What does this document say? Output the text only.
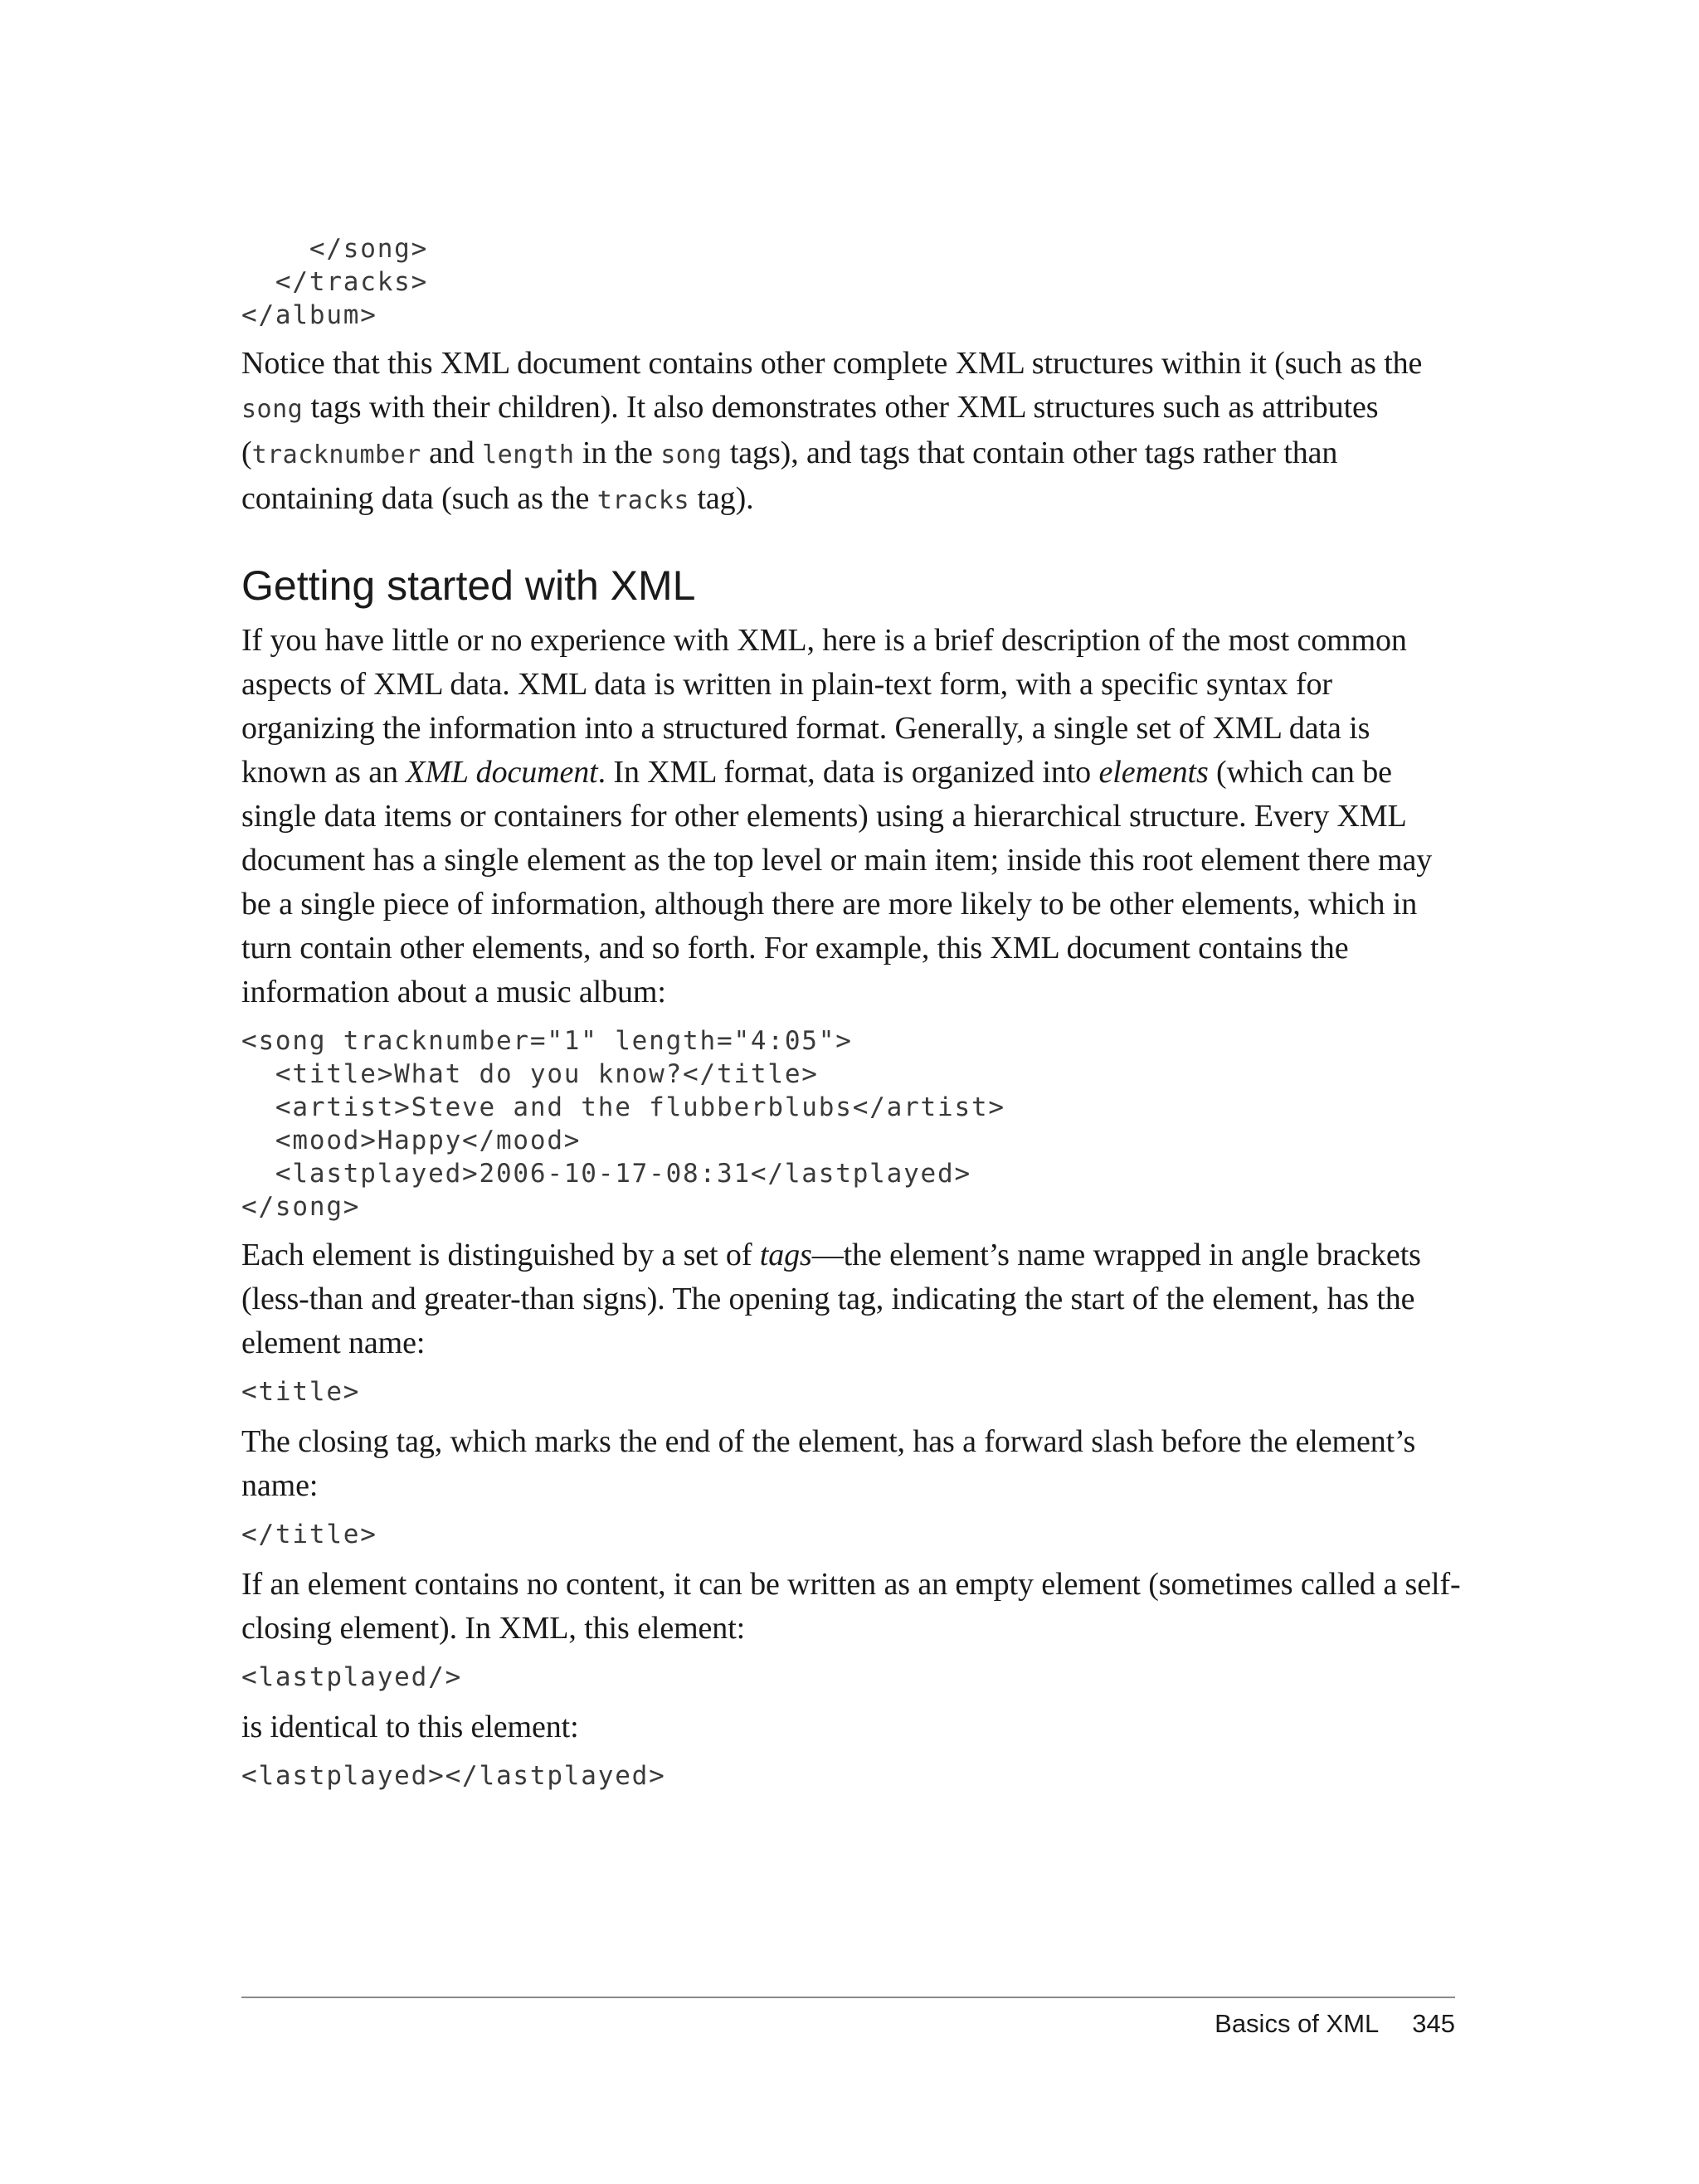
</song>
</tracks>
</album>

Notice that this XML document contains other complete XML structures within it (such as the song tags with their children). It also demonstrates other XML structures such as attributes (tracknumber and length in the song tags), and tags that contain other tags rather than containing data (such as the tracks tag).

Getting started with XML

If you have little or no experience with XML, here is a brief description of the most common aspects of XML data. XML data is written in plain-text form, with a specific syntax for organizing the information into a structured format. Generally, a single set of XML data is known as an XML document. In XML format, data is organized into elements (which can be single data items or containers for other elements) using a hierarchical structure. Every XML document has a single element as the top level or main item; inside this root element there may be a single piece of information, although there are more likely to be other elements, which in turn contain other elements, and so forth. For example, this XML document contains the information about a music album:

<song tracknumber="1" length="4:05">
<title>What do you know?</title>
<artist>Steve and the flubberblubs</artist>
<mood>Happy</mood>
<lastplayed>2006-10-17-08:31</lastplayed>
</song>

Each element is distinguished by a set of tags—the element’s name wrapped in angle brackets (less-than and greater-than signs). The opening tag, indicating the start of the element, has the element name:

<title>

The closing tag, which marks the end of the element, has a forward slash before the element’s name:

</title>

If an element contains no content, it can be written as an empty element (sometimes called a self-closing element). In XML, this element:

<lastplayed/>

is identical to this element:

<lastplayed></lastplayed>
Basics of XML 345
